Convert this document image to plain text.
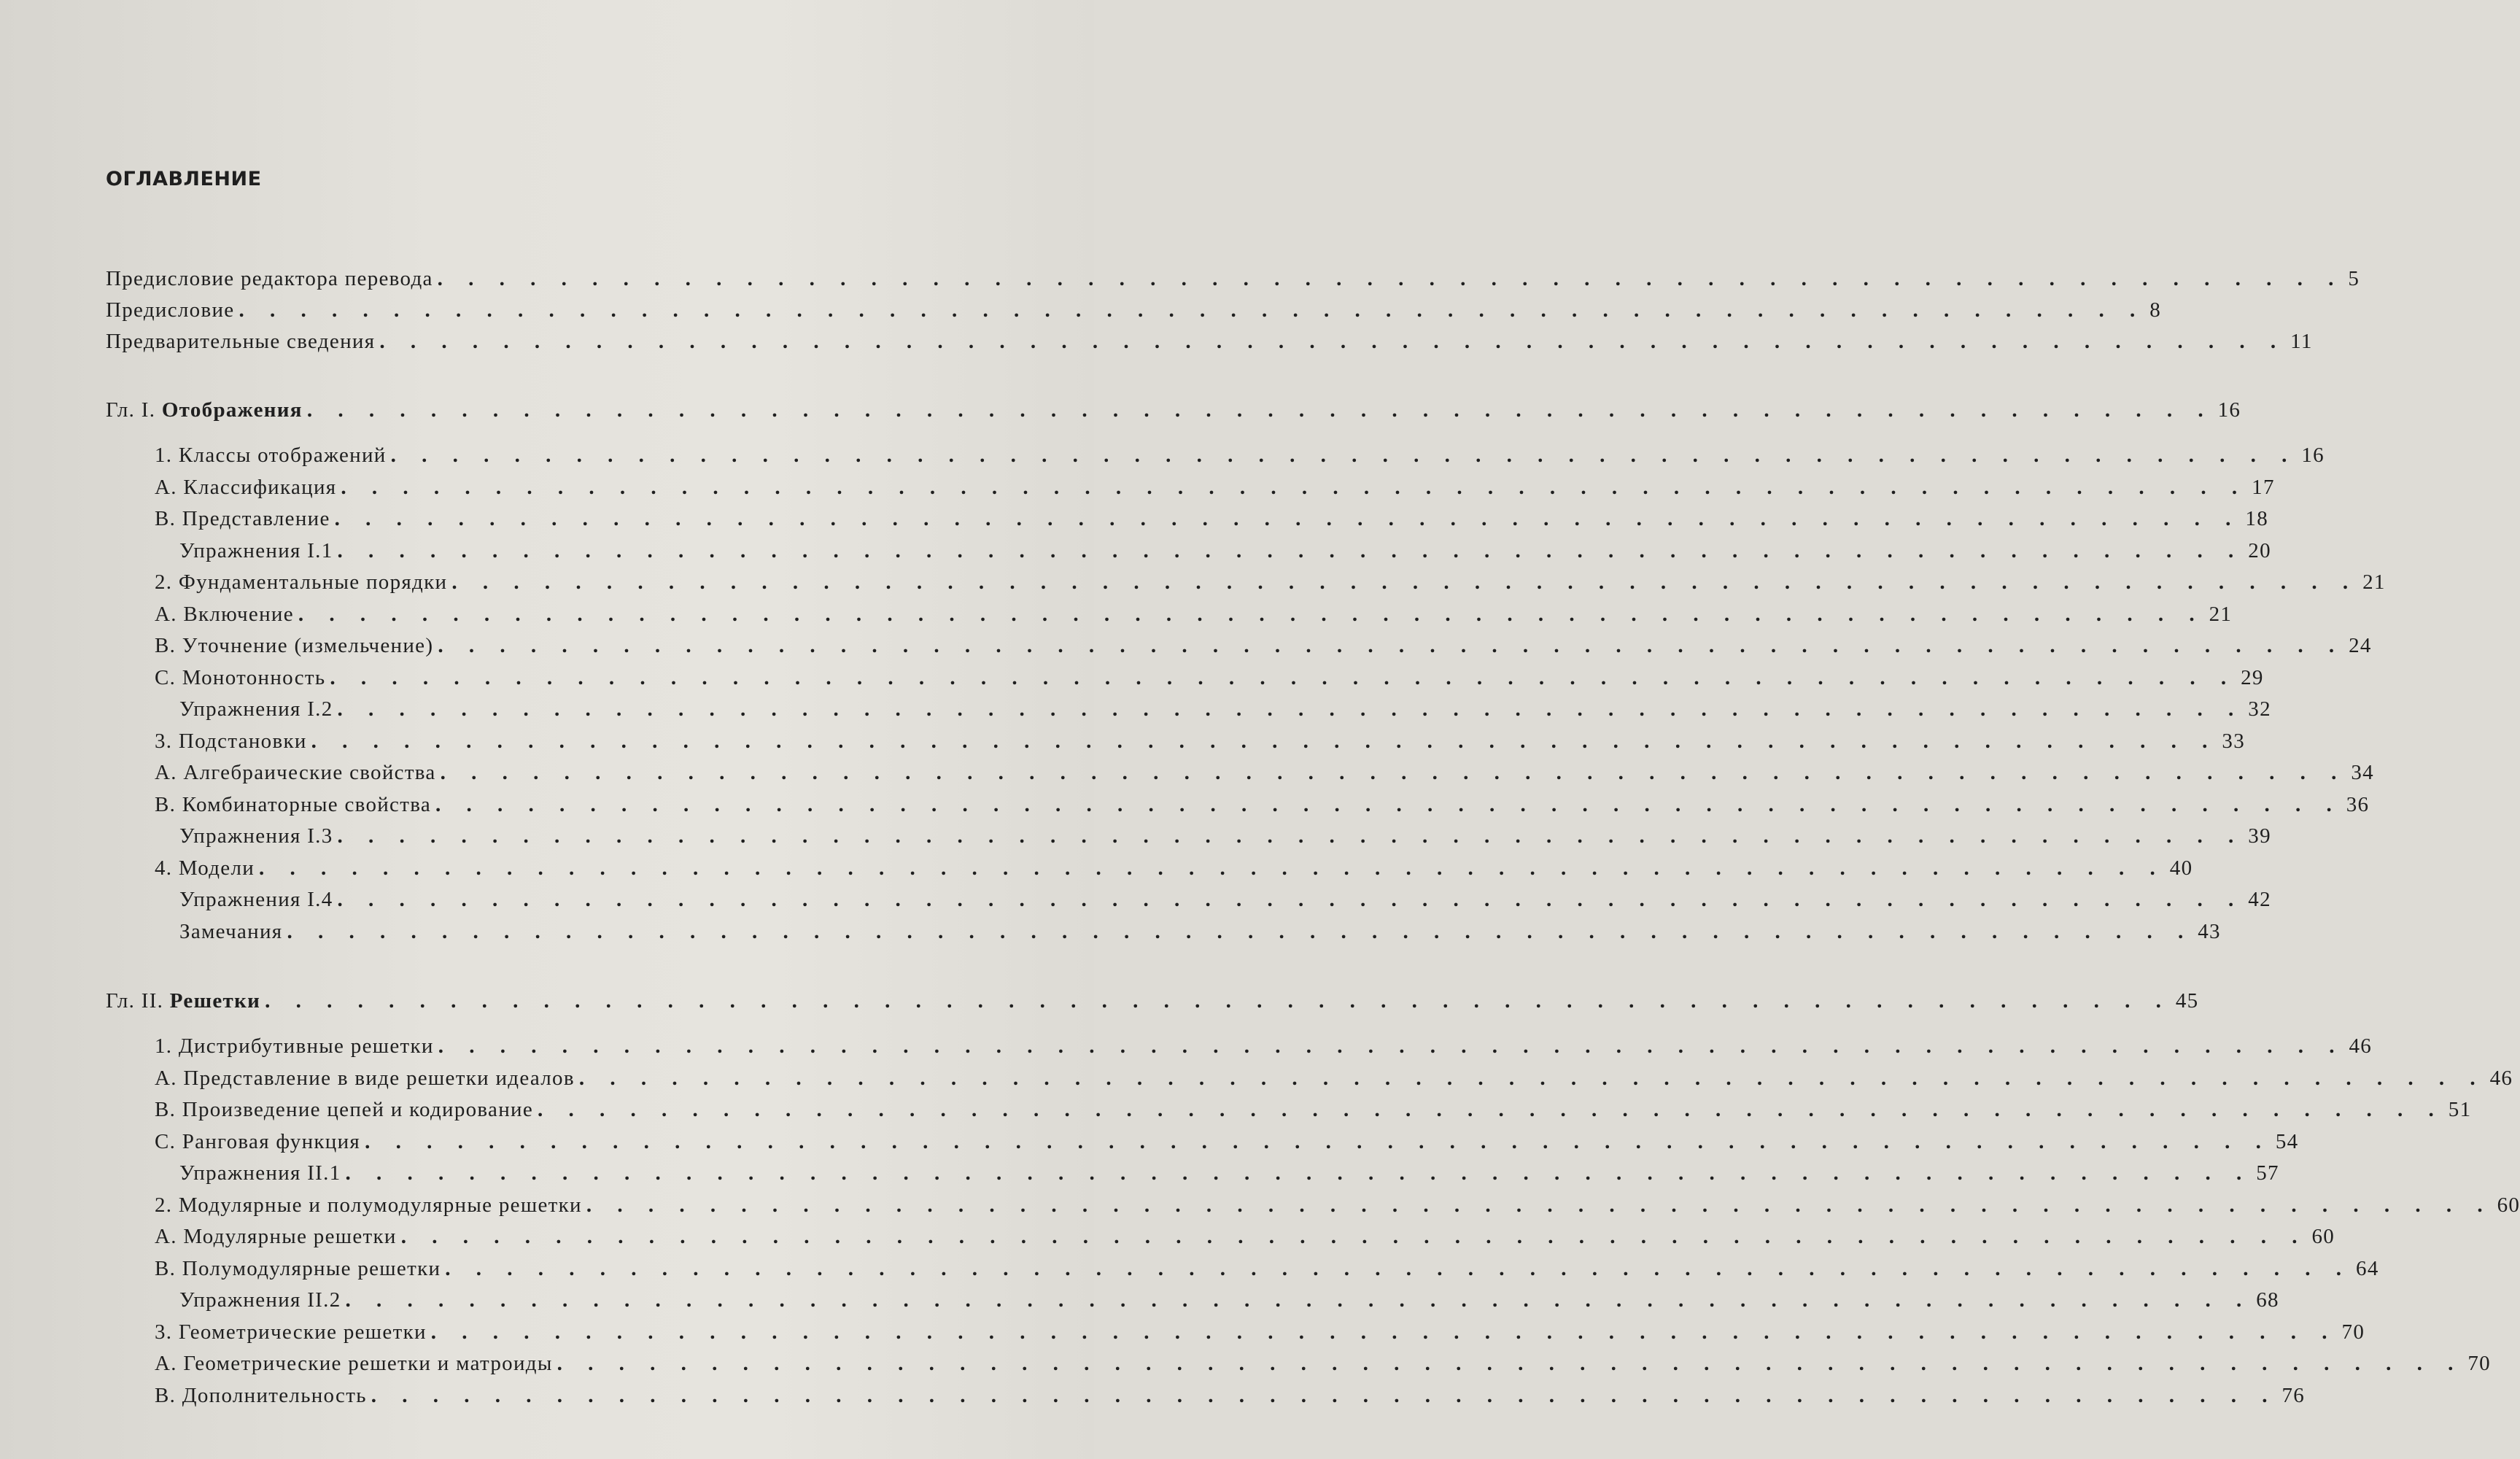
ОГЛАВЛЕНИЕ
Предисловие редактора перевода . . . . . . . . . . . . . . . . . . . . . . . . . . . . . . . . . . . . . . . . . . . . . . . . . . . . . . . . . . . . . . 5
Предисловие . . . . . . . . . . . . . . . . . . . . . . . . . . . . . . . . . . . . . . . . . . . . . . . . . . . . . . . . . . . . . . 8
Предварительные сведения . . . . . . . . . . . . . . . . . . . . . . . . . . . . . . . . . . . . . . . . . . . . . . . . . . . . . . . . . . . . . . 11
Гл. I. Отображения . . . . . . . . . . . . . . . . . . . . . . . . . . . . . . . . . . . . . . . . . . . . . . . . . . . . . . . . . . . . . . 16
1. Классы отображений . . . . . . . . . . . . . . . . . . . . . . . . . . . . . . . . . . . . . . . . . . . . . . . . . . . . . . . . . . . . . . 16
A. Классификация . . . . . . . . . . . . . . . . . . . . . . . . . . . . . . . . . . . . . . . . . . . . . . . . . . . . . . . . . . . . . . 17
B. Представление . . . . . . . . . . . . . . . . . . . . . . . . . . . . . . . . . . . . . . . . . . . . . . . . . . . . . . . . . . . . . . 18
Упражнения I.1 . . . . . . . . . . . . . . . . . . . . . . . . . . . . . . . . . . . . . . . . . . . . . . . . . . . . . . . . . . . . . . 20
2. Фундаментальные порядки . . . . . . . . . . . . . . . . . . . . . . . . . . . . . . . . . . . . . . . . . . . . . . . . . . . . . . . . . . . . . . 21
A. Включение . . . . . . . . . . . . . . . . . . . . . . . . . . . . . . . . . . . . . . . . . . . . . . . . . . . . . . . . . . . . . . 21
B. Уточнение (измельчение) . . . . . . . . . . . . . . . . . . . . . . . . . . . . . . . . . . . . . . . . . . . . . . . . . . . . . . . . . . . . . . 24
C. Монотонность . . . . . . . . . . . . . . . . . . . . . . . . . . . . . . . . . . . . . . . . . . . . . . . . . . . . . . . . . . . . . . 29
Упражнения I.2 . . . . . . . . . . . . . . . . . . . . . . . . . . . . . . . . . . . . . . . . . . . . . . . . . . . . . . . . . . . . . . 32
3. Подстановки . . . . . . . . . . . . . . . . . . . . . . . . . . . . . . . . . . . . . . . . . . . . . . . . . . . . . . . . . . . . . . 33
A. Алгебраические свойства . . . . . . . . . . . . . . . . . . . . . . . . . . . . . . . . . . . . . . . . . . . . . . . . . . . . . . . . . . . . . . 34
B. Комбинаторные свойства . . . . . . . . . . . . . . . . . . . . . . . . . . . . . . . . . . . . . . . . . . . . . . . . . . . . . . . . . . . . . . 36
Упражнения I.3 . . . . . . . . . . . . . . . . . . . . . . . . . . . . . . . . . . . . . . . . . . . . . . . . . . . . . . . . . . . . . . 39
4. Модели . . . . . . . . . . . . . . . . . . . . . . . . . . . . . . . . . . . . . . . . . . . . . . . . . . . . . . . . . . . . . . 40
Упражнения I.4 . . . . . . . . . . . . . . . . . . . . . . . . . . . . . . . . . . . . . . . . . . . . . . . . . . . . . . . . . . . . . . 42
Замечания . . . . . . . . . . . . . . . . . . . . . . . . . . . . . . . . . . . . . . . . . . . . . . . . . . . . . . . . . . . . . . 43
Гл. II. Решетки . . . . . . . . . . . . . . . . . . . . . . . . . . . . . . . . . . . . . . . . . . . . . . . . . . . . . . . . . . . . . . 45
1. Дистрибутивные решетки . . . . . . . . . . . . . . . . . . . . . . . . . . . . . . . . . . . . . . . . . . . . . . . . . . . . . . . . . . . . . . 46
A. Представление в виде решетки идеалов . . . . . . . . . . . . . . . . . . . . . . . . . . . . . . . . . . . . . . . . . . . . . . . . . . . . . . . . . . . . . . 46
B. Произведение цепей и кодирование . . . . . . . . . . . . . . . . . . . . . . . . . . . . . . . . . . . . . . . . . . . . . . . . . . . . . . . . . . . . . . 51
C. Ранговая функция . . . . . . . . . . . . . . . . . . . . . . . . . . . . . . . . . . . . . . . . . . . . . . . . . . . . . . . . . . . . . . 54
Упражнения II.1 . . . . . . . . . . . . . . . . . . . . . . . . . . . . . . . . . . . . . . . . . . . . . . . . . . . . . . . . . . . . . . 57
2. Модулярные и полумодулярные решетки . . . . . . . . . . . . . . . . . . . . . . . . . . . . . . . . . . . . . . . . . . . . . . . . . . . . . . . . . . . . . . 60
A. Модулярные решетки . . . . . . . . . . . . . . . . . . . . . . . . . . . . . . . . . . . . . . . . . . . . . . . . . . . . . . . . . . . . . . 60
B. Полумодулярные решетки . . . . . . . . . . . . . . . . . . . . . . . . . . . . . . . . . . . . . . . . . . . . . . . . . . . . . . . . . . . . . . 64
Упражнения II.2 . . . . . . . . . . . . . . . . . . . . . . . . . . . . . . . . . . . . . . . . . . . . . . . . . . . . . . . . . . . . . . 68
3. Геометрические решетки . . . . . . . . . . . . . . . . . . . . . . . . . . . . . . . . . . . . . . . . . . . . . . . . . . . . . . . . . . . . . . 70
A. Геометрические решетки и матроиды . . . . . . . . . . . . . . . . . . . . . . . . . . . . . . . . . . . . . . . . . . . . . . . . . . . . . . . . . . . . . . 70
B. Дополнительность . . . . . . . . . . . . . . . . . . . . . . . . . . . . . . . . . . . . . . . . . . . . . . . . . . . . . . . . . . . . . . 76
